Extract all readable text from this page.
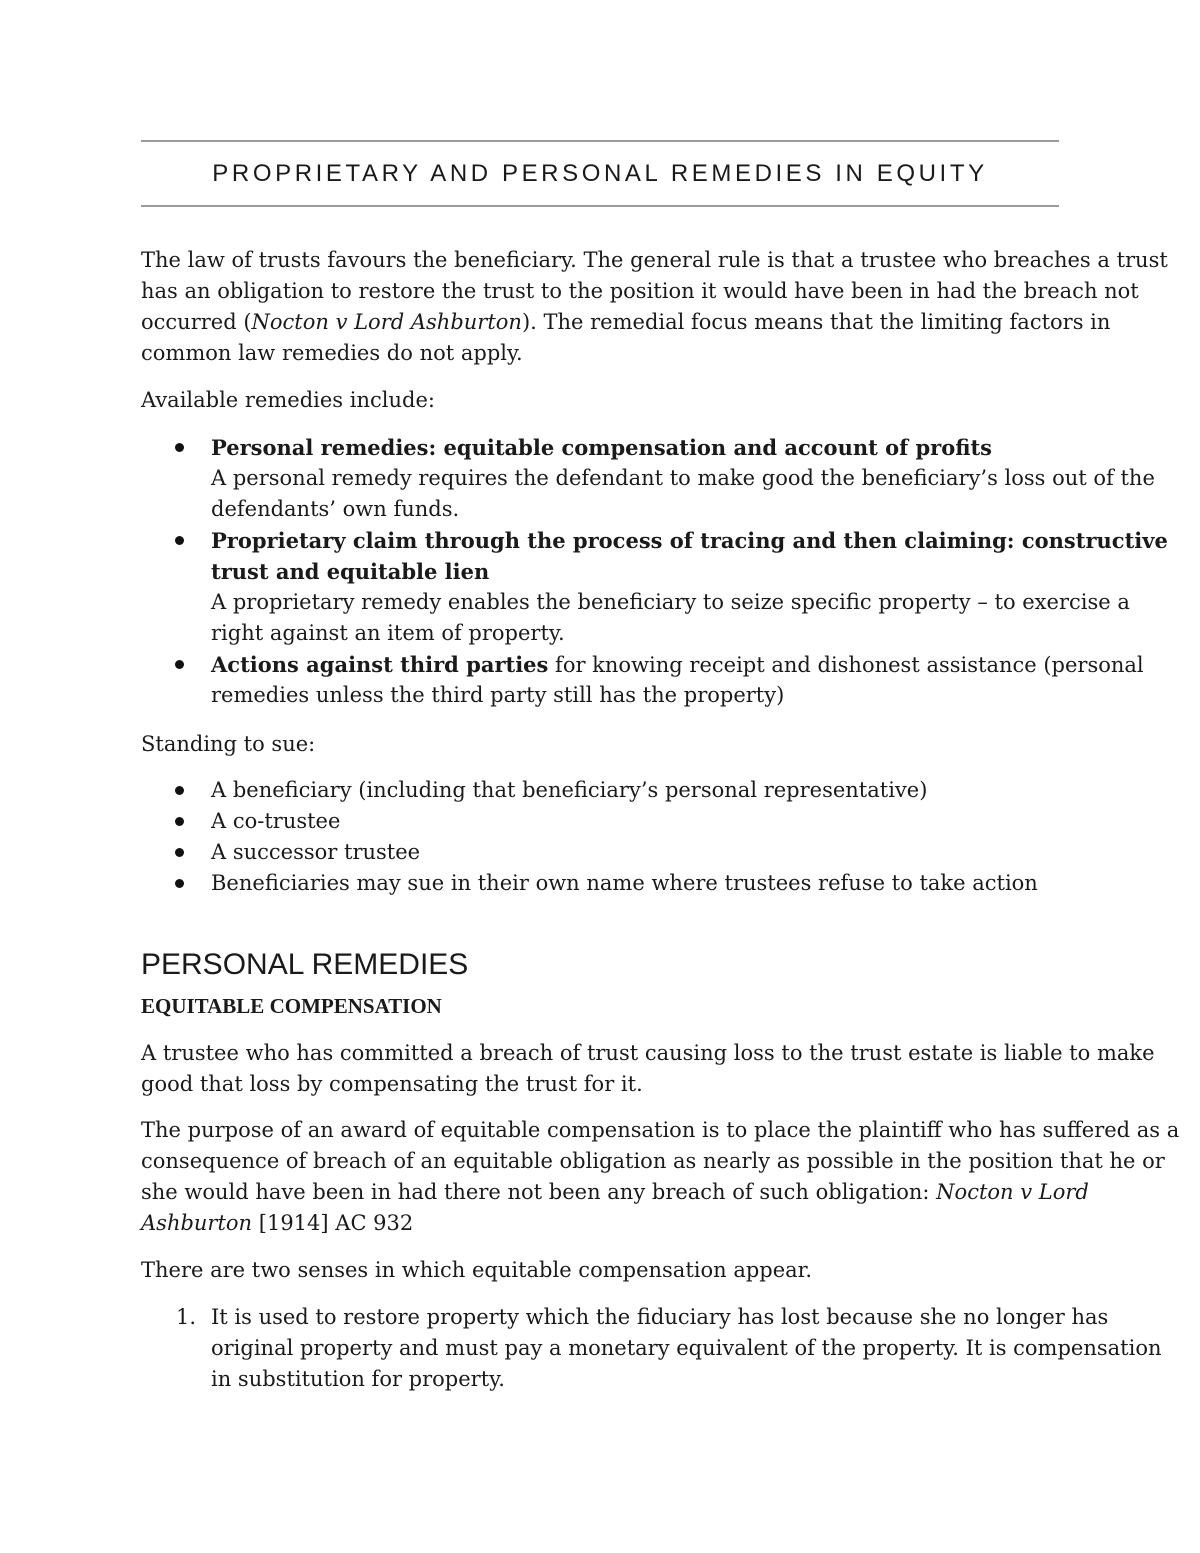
PROPRIETARY AND PERSONAL REMEDIES IN EQUITY
The law of trusts favours the beneficiary. The general rule is that a trustee who breaches a trust
has an obligation to restore the trust to the position it would have been in had the breach not
occurred (Nocton v Lord Ashburton). The remedial focus means that the limiting factors in
common law remedies do not apply.
Available remedies include:
Personal remedies: equitable compensation and account of profits
A personal remedy requires the defendant to make good the beneficiary’s loss out of the
defendants’ own funds.
Proprietary claim through the process of tracing and then claiming: constructive
trust and equitable lien
A proprietary remedy enables the beneficiary to seize specific property – to exercise a
right against an item of property.
Actions against third parties for knowing receipt and dishonest assistance (personal
remedies unless the third party still has the property)
Standing to sue:
A beneficiary (including that beneficiary’s personal representative)
A co-trustee
A successor trustee
Beneficiaries may sue in their own name where trustees refuse to take action
PERSONAL REMEDIES
EQUITABLE COMPENSATION
A trustee who has committed a breach of trust causing loss to the trust estate is liable to make
good that loss by compensating the trust for it.
The purpose of an award of equitable compensation is to place the plaintiff who has suffered as a
consequence of breach of an equitable obligation as nearly as possible in the position that he or
she would have been in had there not been any breach of such obligation: Nocton v Lord
Ashburton [1914] AC 932
There are two senses in which equitable compensation appear.
1. It is used to restore property which the fiduciary has lost because she no longer has
original property and must pay a monetary equivalent of the property. It is compensation
in substitution for property.
